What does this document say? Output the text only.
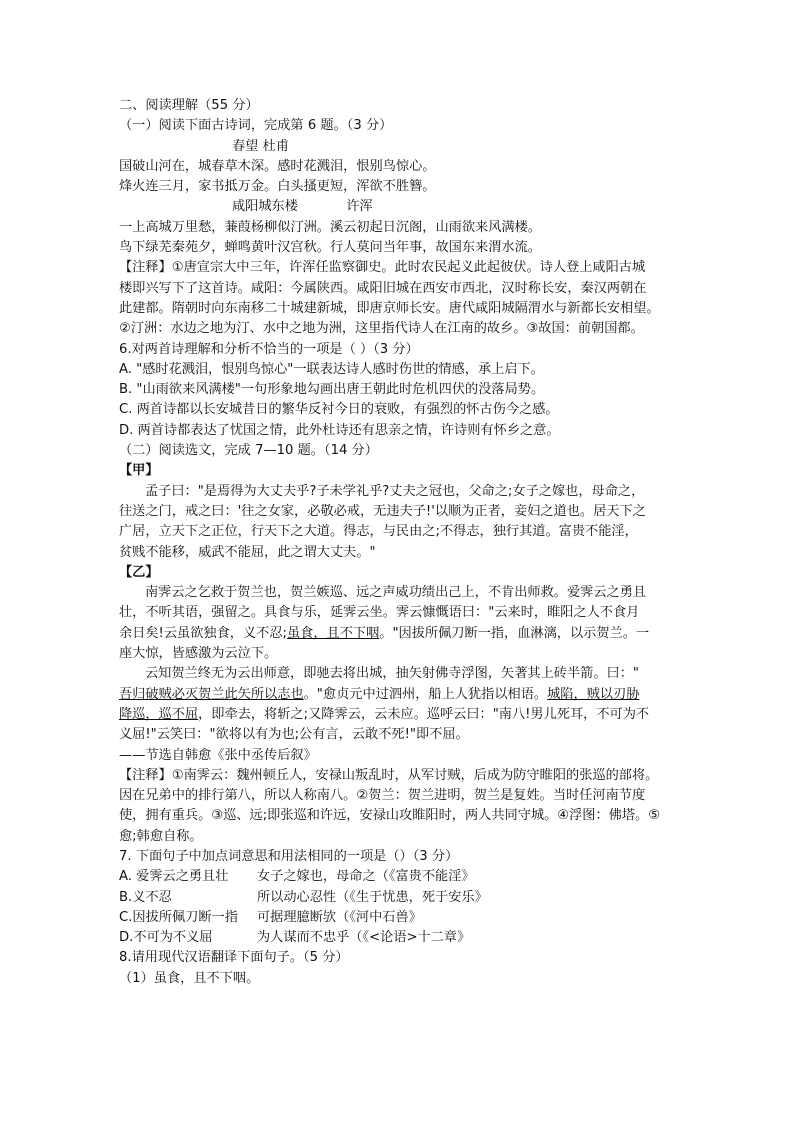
二、阅读理解（55 分）
（一）阅读下面古诗词，完成第 6 题。（3 分）
春望 杜甫
国破山河在，城春草木深。感时花溅泪，恨别鸟惊心。
烽火连三月，家书抵万金。白头搔更短，浑欲不胜簪。
咸阳城东楼	许浑
一上高城万里愁，蒹葭杨柳似汀洲。溪云初起日沉阁，山雨欲来风满楼。
鸟下绿芜秦苑夕，蝉鸣黄叶汉宫秋。行人莫问当年事，故国东来渭水流。
【注释】①唐宣宗大中三年，许浑任监察御史。此时农民起义此起彼伏。诗人登上咸阳古城
楼即兴写下了这首诗。咸阳：今属陕西。咸阳旧城在西安市西北，汉时称长安，秦汉两朝在
此建都。隋朝时向东南移二十城建新城，即唐京师长安。唐代咸阳城隔渭水与新都长安相望。
②汀洲：水边之地为汀、水中之地为洲，这里指代诗人在江南的故乡。③故国：前朝国都。
6.对两首诗理解和分析不恰当的一项是（ ）（3 分）
A. "感时花溅泪，恨别鸟惊心"一联表达诗人感时伤世的情感，承上启下。
B. "山雨欲来风满楼"一句形象地勾画出唐王朝此时危机四伏的没落局势。
C. 两首诗都以长安城昔日的繁华反衬今日的衰败，有强烈的怀古伤今之感。
D. 两首诗都表达了忧国之情，此外杜诗还有思亲之情，许诗则有怀乡之意。
（二）阅读选文，完成 7—10 题。（14 分）
【甲】
孟子曰："是焉得为大丈夫乎?子未学礼乎?丈夫之冠也，父命之;女子之嫁也，母命之，
往送之门，戒之曰：'往之女家，必敬必戒，无违夫子!'以顺为正者，妾妇之道也。居天下之
广居，立天下之正位，行天下之大道。得志，与民由之;不得志，独行其道。富贵不能淫，
贫贱不能移，威武不能屈，此之谓大丈夫。"
【乙】
南霁云之乞救于贺兰也，贺兰嫉巡、远之声威功绩出己上，不肯出师救。爱霁云之勇且
壮，不听其语，强留之。具食与乐，延霁云坐。霁云慷慨语曰："云来时，睢阳之人不食月
余日矣!云虽欲独食，义不忍;虽食，且不下咽。"因拔所佩刀断一指，血淋漓，以示贺兰。一
座大惊，皆感激为云泣下。
云知贺兰终无为云出师意，即驰去将出城，抽矢射佛寺浮图，矢著其上砖半箭。曰："
吾归破贼必灭贺兰此矢所以志也。"愈贞元中过泗州，船上人犹指以相语。城陷，贼以刃胁
降巡，巡不屈，即牵去，将斩之;又降霁云，云未应。巡呼云曰："南八!男儿死耳，不可为不
义屈!"云笑曰："欲将以有为也;公有言，云敢不死!"即不屈。
——节选自韩愈《张中丞传后叙》
【注释】①南霁云：魏州顿丘人，安禄山叛乱时，从军讨贼，后成为防守睢阳的张巡的部将。
因在兄弟中的排行第八，所以人称南八。②贺兰：贺兰进明，贺兰是复姓。当时任河南节度
使，拥有重兵。③巡、远;即张巡和许远，安禄山攻睢阳时，两人共同守城。④浮图：佛塔。⑤
愈;韩愈自称。
7. 下面句子中加点词意思和用法相同的一项是（）（3 分）
A. 爱霁云之勇且壮 女子之嫁也，母命之（《富贵不能淫》
B.义不忍	所以动心忍性（《生于忧患，死于安乐》
C.因拔所佩刀断一指 可据理臆断欤（《河中石兽》
D.不可为不义屈	为人谋而不忠乎（《<论语>十二章》
8.请用现代汉语翻译下面句子。（5 分）
（1）虽食，且不下咽。
